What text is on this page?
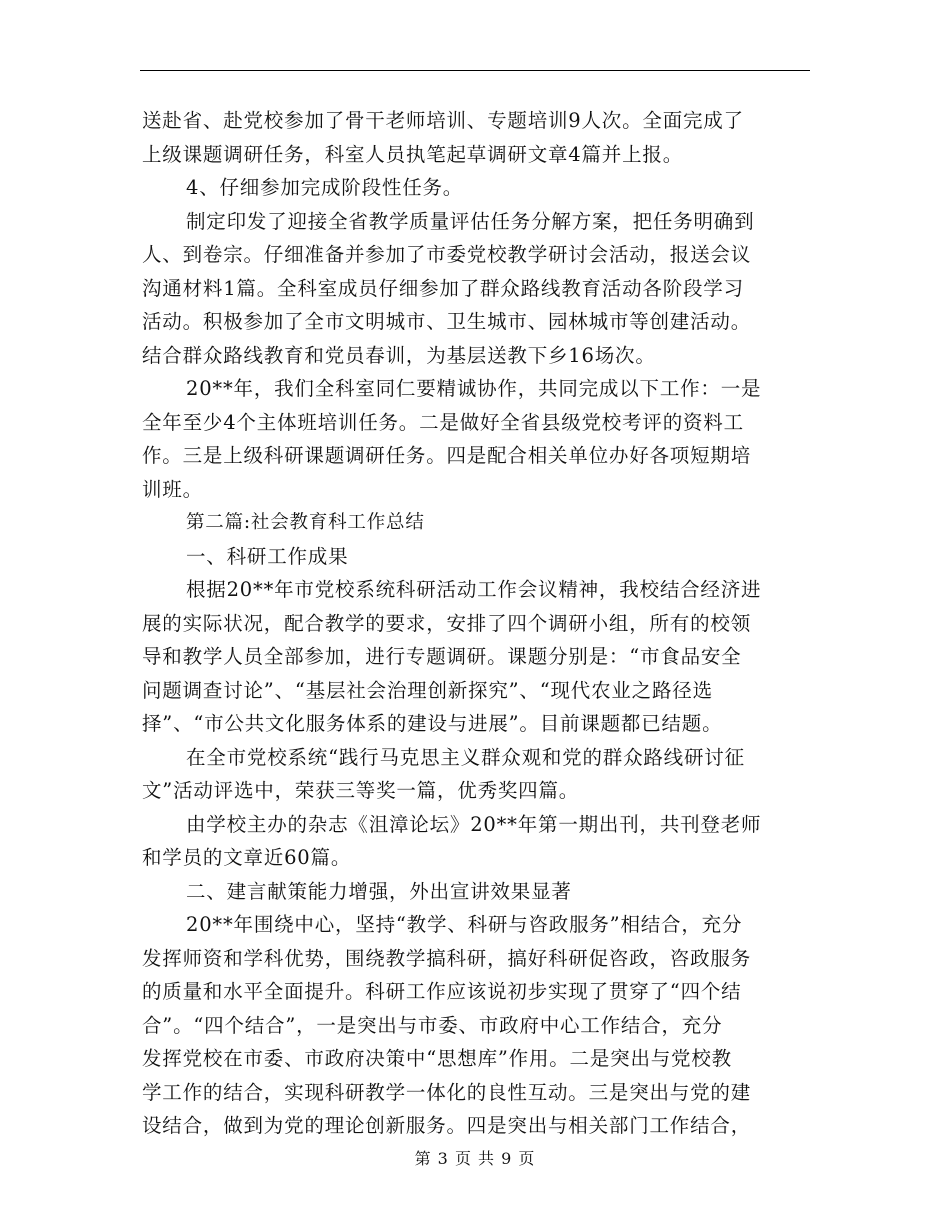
送赴省、赴党校参加了骨干老师培训、专题培训9人次。全面完成了
上级课题调研任务，科室人员执笔起草调研文章4篇并上报。
4、仔细参加完成阶段性任务。
制定印发了迎接全省教学质量评估任务分解方案，把任务明确到
人、到卷宗。仔细准备并参加了市委党校教学研讨会活动，报送会议
沟通材料1篇。全科室成员仔细参加了群众路线教育活动各阶段学习
活动。积极参加了全市文明城市、卫生城市、园林城市等创建活动。
结合群众路线教育和党员春训，为基层送教下乡16场次。
20**年，我们全科室同仁要精诚协作，共同完成以下工作：一是
全年至少4个主体班培训任务。二是做好全省县级党校考评的资料工
作。三是上级科研课题调研任务。四是配合相关单位办好各项短期培
训班。
第二篇:社会教育科工作总结
一、科研工作成果
根据20**年市党校系统科研活动工作会议精神，我校结合经济进
展的实际状况，配合教学的要求，安排了四个调研小组，所有的校领
导和教学人员全部参加，进行专题调研。课题分别是：“市食品安全
问题调查讨论”、“基层社会治理创新探究”、“现代农业之路径选
择”、“市公共文化服务体系的建设与进展”。目前课题都已结题。
在全市党校系统“践行马克思主义群众观和党的群众路线研讨征
文”活动评选中，荣获三等奖一篇，优秀奖四篇。
由学校主办的杂志《沮漳论坛》20**年第一期出刊，共刊登老师
和学员的文章近60篇。
二、建言献策能力增强，外出宣讲效果显著
20**年围绕中心，坚持“教学、科研与咨政服务”相结合，充分
发挥师资和学科优势，围绕教学搞科研，搞好科研促咨政，咨政服务
的质量和水平全面提升。科研工作应该说初步实现了贯穿了“四个结
合”。“四个结合”，一是突出与市委、市政府中心工作结合，充分
发挥党校在市委、市政府决策中“思想库”作用。二是突出与党校教
学工作的结合，实现科研教学一体化的良性互动。三是突出与党的建
设结合，做到为党的理论创新服务。四是突出与相关部门工作结合，
第 3 页 共 9 页
